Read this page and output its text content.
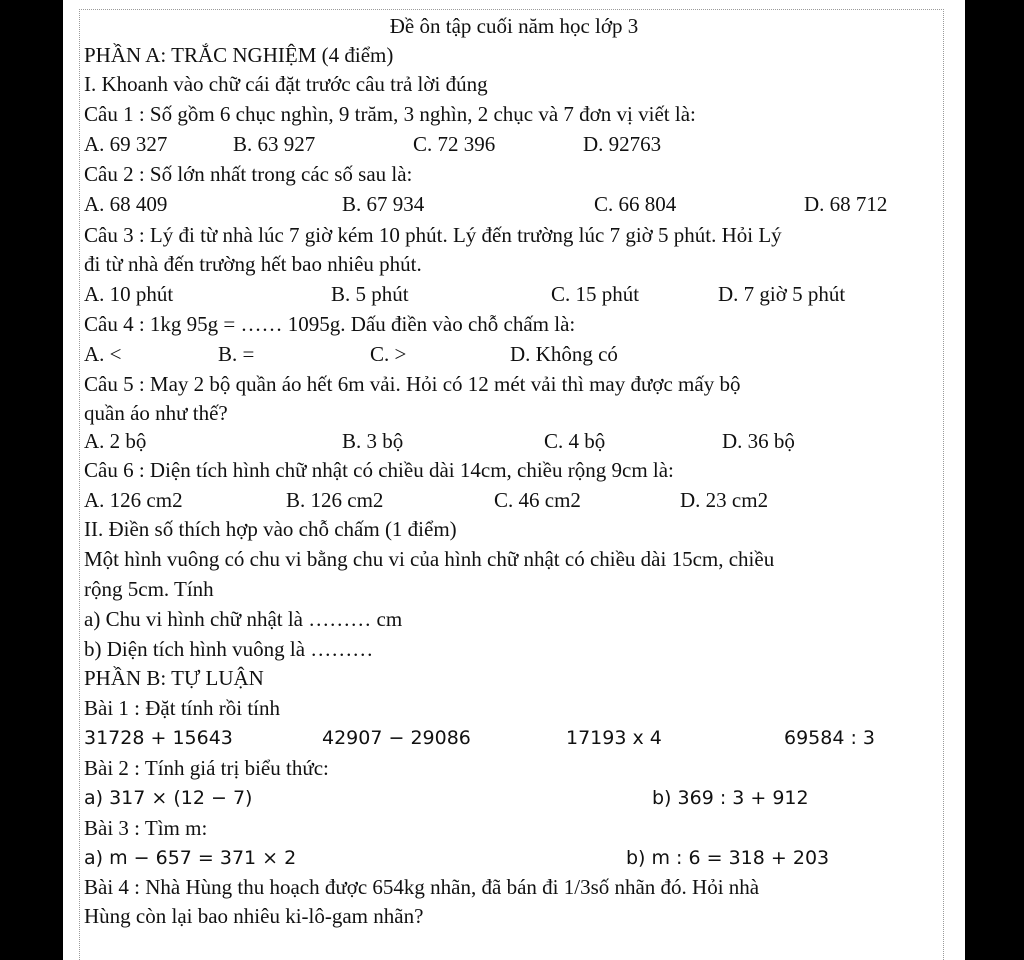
Đề ôn tập cuối năm học lớp 3
PHẦN A: TRẮC NGHIỆM (4 điểm)
I. Khoanh vào chữ cái đặt trước câu trả lời đúng
Câu 1 : Số gồm 6 chục nghìn, 9 trăm, 3 nghìn, 2 chục và 7 đơn vị viết là:
A. 69 327	B. 63 927	C. 72 396	D. 92763
Câu 2 : Số lớn nhất trong các số sau là:
A. 68 409	B. 67 934	C. 66 804	D. 68 712
Câu 3 : Lý đi từ nhà lúc 7 giờ kém 10 phút. Lý đến trường lúc 7 giờ 5 phút. Hỏi Lý
đi từ nhà đến trường hết bao nhiêu phút.
A. 10 phút	B. 5 phút	C. 15 phút	D. 7 giờ 5 phút
Câu 4 : 1kg 95g = …… 1095g. Dấu điền vào chỗ chấm là:
A. <	B. =	C. >	D. Không có
Câu 5 : May 2 bộ quần áo hết 6m vải. Hỏi có 12 mét vải thì may được mấy bộ
quần áo như thế?
A. 2 bộ	B. 3 bộ	C. 4 bộ	D. 36 bộ
Câu 6 : Diện tích hình chữ nhật có chiều dài 14cm, chiều rộng 9cm là:
A. 126 cm2	B. 126 cm2	C. 46 cm2	D. 23 cm2
II. Điền số thích hợp vào chỗ chấm (1 điểm)
Một hình vuông có chu vi bằng chu vi của hình chữ nhật có chiều dài 15cm, chiều
rộng 5cm. Tính
a) Chu vi hình chữ nhật là ……… cm
b) Diện tích hình vuông là ………
PHẦN B: TỰ LUẬN
Bài 1 : Đặt tính rồi tính
31728 + 15643	42907 − 29086	17193 x 4	69584 : 3
Bài 2 : Tính giá trị biểu thức:
a) 317 × (12 − 7)	b) 369 : 3 + 912
Bài 3 : Tìm m:
a) m − 657 = 371 × 2	b) m : 6 = 318 + 203
Bài 4 : Nhà Hùng thu hoạch được 654kg nhãn, đã bán đi 1/3số nhãn đó. Hỏi nhà
Hùng còn lại bao nhiêu ki-lô-gam nhãn?
